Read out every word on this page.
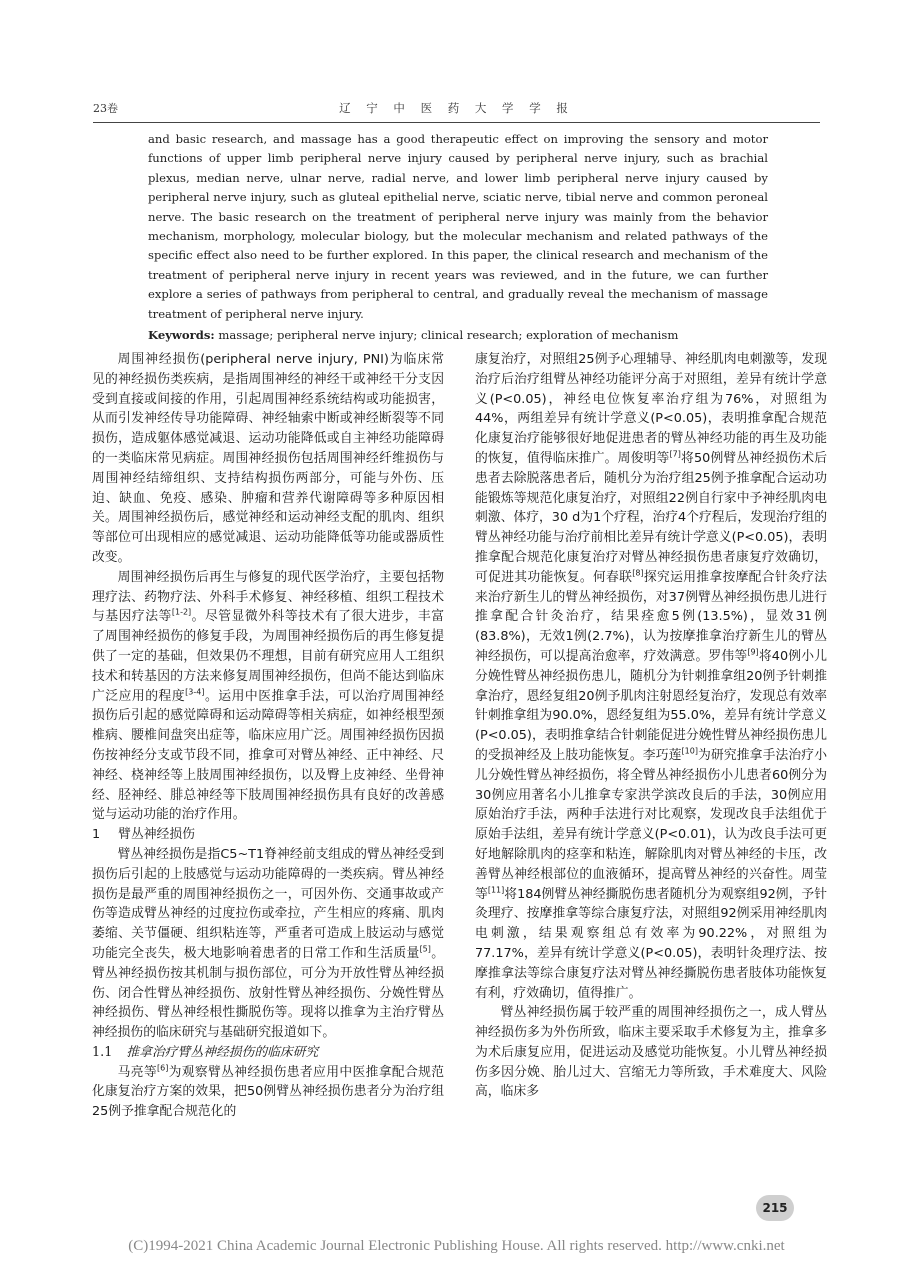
23卷	辽 宁 中 医 药 大 学 学 报

and basic research, and massage has a good therapeutic effect on improving the sensory and motor functions of upper limb peripheral nerve injury caused by peripheral nerve injury, such as brachial plexus, median nerve, ulnar nerve, radial nerve, and lower limb peripheral nerve injury caused by peripheral nerve injury, such as gluteal epithelial nerve, sciatic nerve, tibial nerve and common peroneal nerve. The basic research on the treatment of peripheral nerve injury was mainly from the behavior mechanism, morphology, molecular biology, but the molecular mechanism and related pathways of the specific effect also need to be further explored. In this paper, the clinical research and mechanism of the treatment of peripheral nerve injury in recent years was reviewed, and in the future, we can further explore a series of pathways from peripheral to central, and gradually reveal the mechanism of massage treatment of peripheral nerve injury.

Keywords: massage; peripheral nerve injury; clinical research; exploration of mechanism

周围神经损伤(peripheral nerve injury, PNI)为临床常见的神经损伤类疾病，是指周围神经的神经干或神经干分支因受到直接或间接的作用，引起周围神经系统结构或功能损害，从而引发神经传导功能障碍、神经轴索中断或神经断裂等不同损伤，造成躯体感觉减退、运动功能降低或自主神经功能障碍的一类临床常见病症。周围神经损伤包括周围神经纤维损伤与周围神经结缔组织、支持结构损伤两部分，可能与外伤、压迫、缺血、免疫、感染、肿瘤和营养代谢障碍等多种原因相关。周围神经损伤后，感觉神经和运动神经支配的肌肉、组织等部位可出现相应的感觉减退、运动功能降低等功能或器质性改变。

周围神经损伤后再生与修复的现代医学治疗，主要包括物理疗法、药物疗法、外科手术修复、神经移植、组织工程技术与基因疗法等[1-2]。尽管显微外科等技术有了很大进步，丰富了周围神经损伤的修复手段，为周围神经损伤后的再生修复提供了一定的基础，但效果仍不理想，目前有研究应用人工组织技术和转基因的方法来修复周围神经损伤，但尚不能达到临床广泛应用的程度[3-4]。运用中医推拿手法，可以治疗周围神经损伤后引起的感觉障碍和运动障碍等相关病症，如神经根型颈椎病、腰椎间盘突出症等，临床应用广泛。周围神经损伤因损伤按神经分支或节段不同，推拿可对臂丛神经、正中神经、尺神经、桡神经等上肢周围神经损伤，以及臀上皮神经、坐骨神经、胫神经、腓总神经等下肢周围神经损伤具有良好的改善感觉与运动功能的治疗作用。

1 臂丛神经损伤

臂丛神经损伤是指C5~T1脊神经前支组成的臂丛神经受到损伤后引起的上肢感觉与运动功能障碍的一类疾病。臂丛神经损伤是最严重的周围神经损伤之一，可因外伤、交通事故或产伤等造成臂丛神经的过度拉伤或牵拉，产生相应的疼痛、肌肉萎缩、关节僵硬、组织粘连等，严重者可造成上肢运动与感觉功能完全丧失，极大地影响着患者的日常工作和生活质量[5]。臂丛神经损伤按其机制与损伤部位，可分为开放性臂丛神经损伤、闭合性臂丛神经损伤、放射性臂丛神经损伤、分娩性臂丛神经损伤、臂丛神经根性撕脱伤等。现将以推拿为主治疗臂丛神经损伤的临床研究与基础研究报道如下。

1.1 推拿治疗臂丛神经损伤的临床研究

马亮等[6]为观察臂丛神经损伤患者应用中医推拿配合规范化康复治疗方案的效果，把50例臂丛神经损伤患者分为治疗组25例予推拿配合规范化的

康复治疗，对照组25例予心理辅导、神经肌肉电刺激等，发现治疗后治疗组臂丛神经功能评分高于对照组，差异有统计学意义(P<0.05)，神经电位恢复率治疗组为76%，对照组为44%，两组差异有统计学意义(P<0.05)，表明推拿配合规范化康复治疗能够很好地促进患者的臂丛神经功能的再生及功能的恢复，值得临床推广。周俊明等[7]将50例臂丛神经损伤术后患者去除脱落患者后，随机分为治疗组25例予推拿配合运动功能锻炼等规范化康复治疗，对照组22例自行家中予神经肌肉电刺激、体疗，30 d为1个疗程，治疗4个疗程后，发现治疗组的臂丛神经功能与治疗前相比差异有统计学意义(P<0.05)，表明推拿配合规范化康复治疗对臂丛神经损伤患者康复疗效确切，可促进其功能恢复。何春联[8]探究运用推拿按摩配合针灸疗法来治疗新生儿的臂丛神经损伤，对37例臂丛神经损伤患儿进行推拿配合针灸治疗，结果痊愈5例(13.5%)，显效31例(83.8%)，无效1例(2.7%)，认为按摩推拿治疗新生儿的臂丛神经损伤，可以提高治愈率，疗效满意。罗伟等[9]将40例小儿分娩性臂丛神经损伤患儿，随机分为针刺推拿组20例予针刺推拿治疗，恩经复组20例予肌肉注射恩经复治疗，发现总有效率针刺推拿组为90.0%，恩经复组为55.0%，差异有统计学意义(P<0.05)，表明推拿结合针刺能促进分娩性臂丛神经损伤患儿的受损神经及上肢功能恢复。李巧莲[10]为研究推拿手法治疗小儿分娩性臂丛神经损伤，将全臂丛神经损伤小儿患者60例分为30例应用著名小儿推拿专家洪学滨改良后的手法，30例应用原始治疗手法，两种手法进行对比观察，发现改良手法组优于原始手法组，差异有统计学意义(P<0.01)，认为改良手法可更好地解除肌肉的痉挛和粘连，解除肌肉对臂丛神经的卡压，改善臂丛神经根部位的血液循环，提高臂丛神经的兴奋性。周莹等[11]将184例臂丛神经撕脱伤患者随机分为观察组92例，予针灸理疗、按摩推拿等综合康复疗法，对照组92例采用神经肌肉电刺激，结果观察组总有效率为90.22%，对照组为77.17%，差异有统计学意义(P<0.05)，表明针灸理疗法、按摩推拿法等综合康复疗法对臂丛神经撕脱伤患者肢体功能恢复有利，疗效确切，值得推广。

臂丛神经损伤属于较严重的周围神经损伤之一，成人臂丛神经损伤多为外伤所致，临床主要采取手术修复为主，推拿多为术后康复应用，促进运动及感觉功能恢复。小儿臂丛神经损伤多因分娩、胎儿过大、宫缩无力等所致，手术难度大、风险高，临床多

215
(C)1994-2021 China Academic Journal Electronic Publishing House. All rights reserved. http://www.cnki.net
